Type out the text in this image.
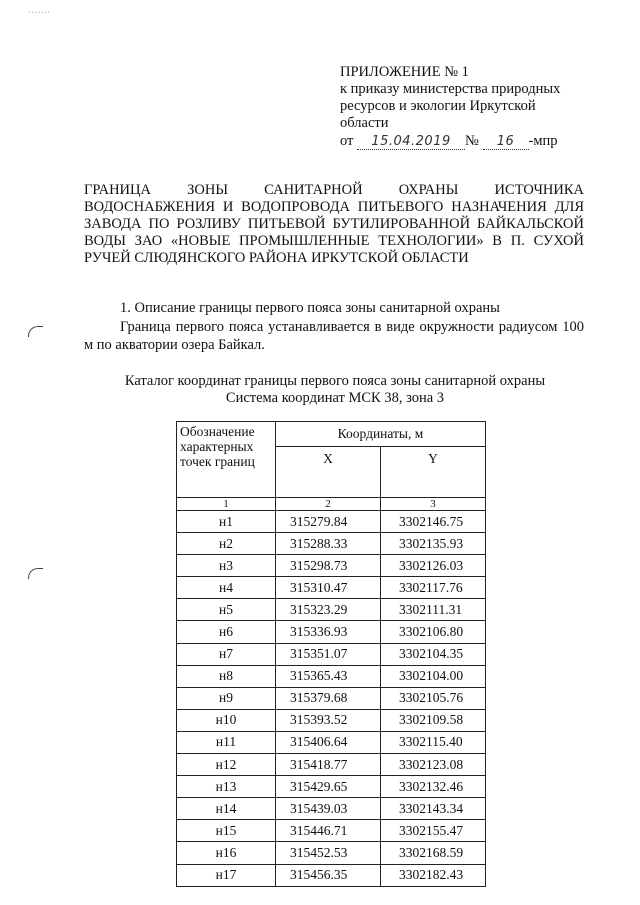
·······
ПРИЛОЖЕНИЕ № 1
к приказу министерства природных
ресурсов и экологии Иркутской
области
от 15.04.2019 № 16 -мпр
ГРАНИЦА ЗОНЫ САНИТАРНОЙ ОХРАНЫ ИСТОЧНИКА ВОДОСНАБЖЕНИЯ И ВОДОПРОВОДА ПИТЬЕВОГО НАЗНАЧЕНИЯ ДЛЯ ЗАВОДА ПО РОЗЛИВУ ПИТЬЕВОЙ БУТИЛИРОВАННОЙ БАЙКАЛЬСКОЙ ВОДЫ ЗАО «НОВЫЕ ПРОМЫШЛЕННЫЕ ТЕХНОЛОГИИ» В П. СУХОЙ РУЧЕЙ СЛЮДЯНСКОГО РАЙОНА ИРКУТСКОЙ ОБЛАСТИ
1. Описание границы первого пояса зоны санитарной охраны
Граница первого пояса устанавливается в виде окружности радиусом 100 м по акватории озера Байкал.
Каталог координат границы первого пояса зоны санитарной охраны
Система координат МСК 38, зона 3
Обозначение характерных точек границ	Координаты, м	
	X	Y
1	2	3
н1	315279.84	3302146.75
н2	315288.33	3302135.93
н3	315298.73	3302126.03
н4	315310.47	3302117.76
н5	315323.29	3302111.31
н6	315336.93	3302106.80
н7	315351.07	3302104.35
н8	315365.43	3302104.00
н9	315379.68	3302105.76
н10	315393.52	3302109.58
н11	315406.64	3302115.40
н12	315418.77	3302123.08
н13	315429.65	3302132.46
н14	315439.03	3302143.34
н15	315446.71	3302155.47
н16	315452.53	3302168.59
н17	315456.35	3302182.43
